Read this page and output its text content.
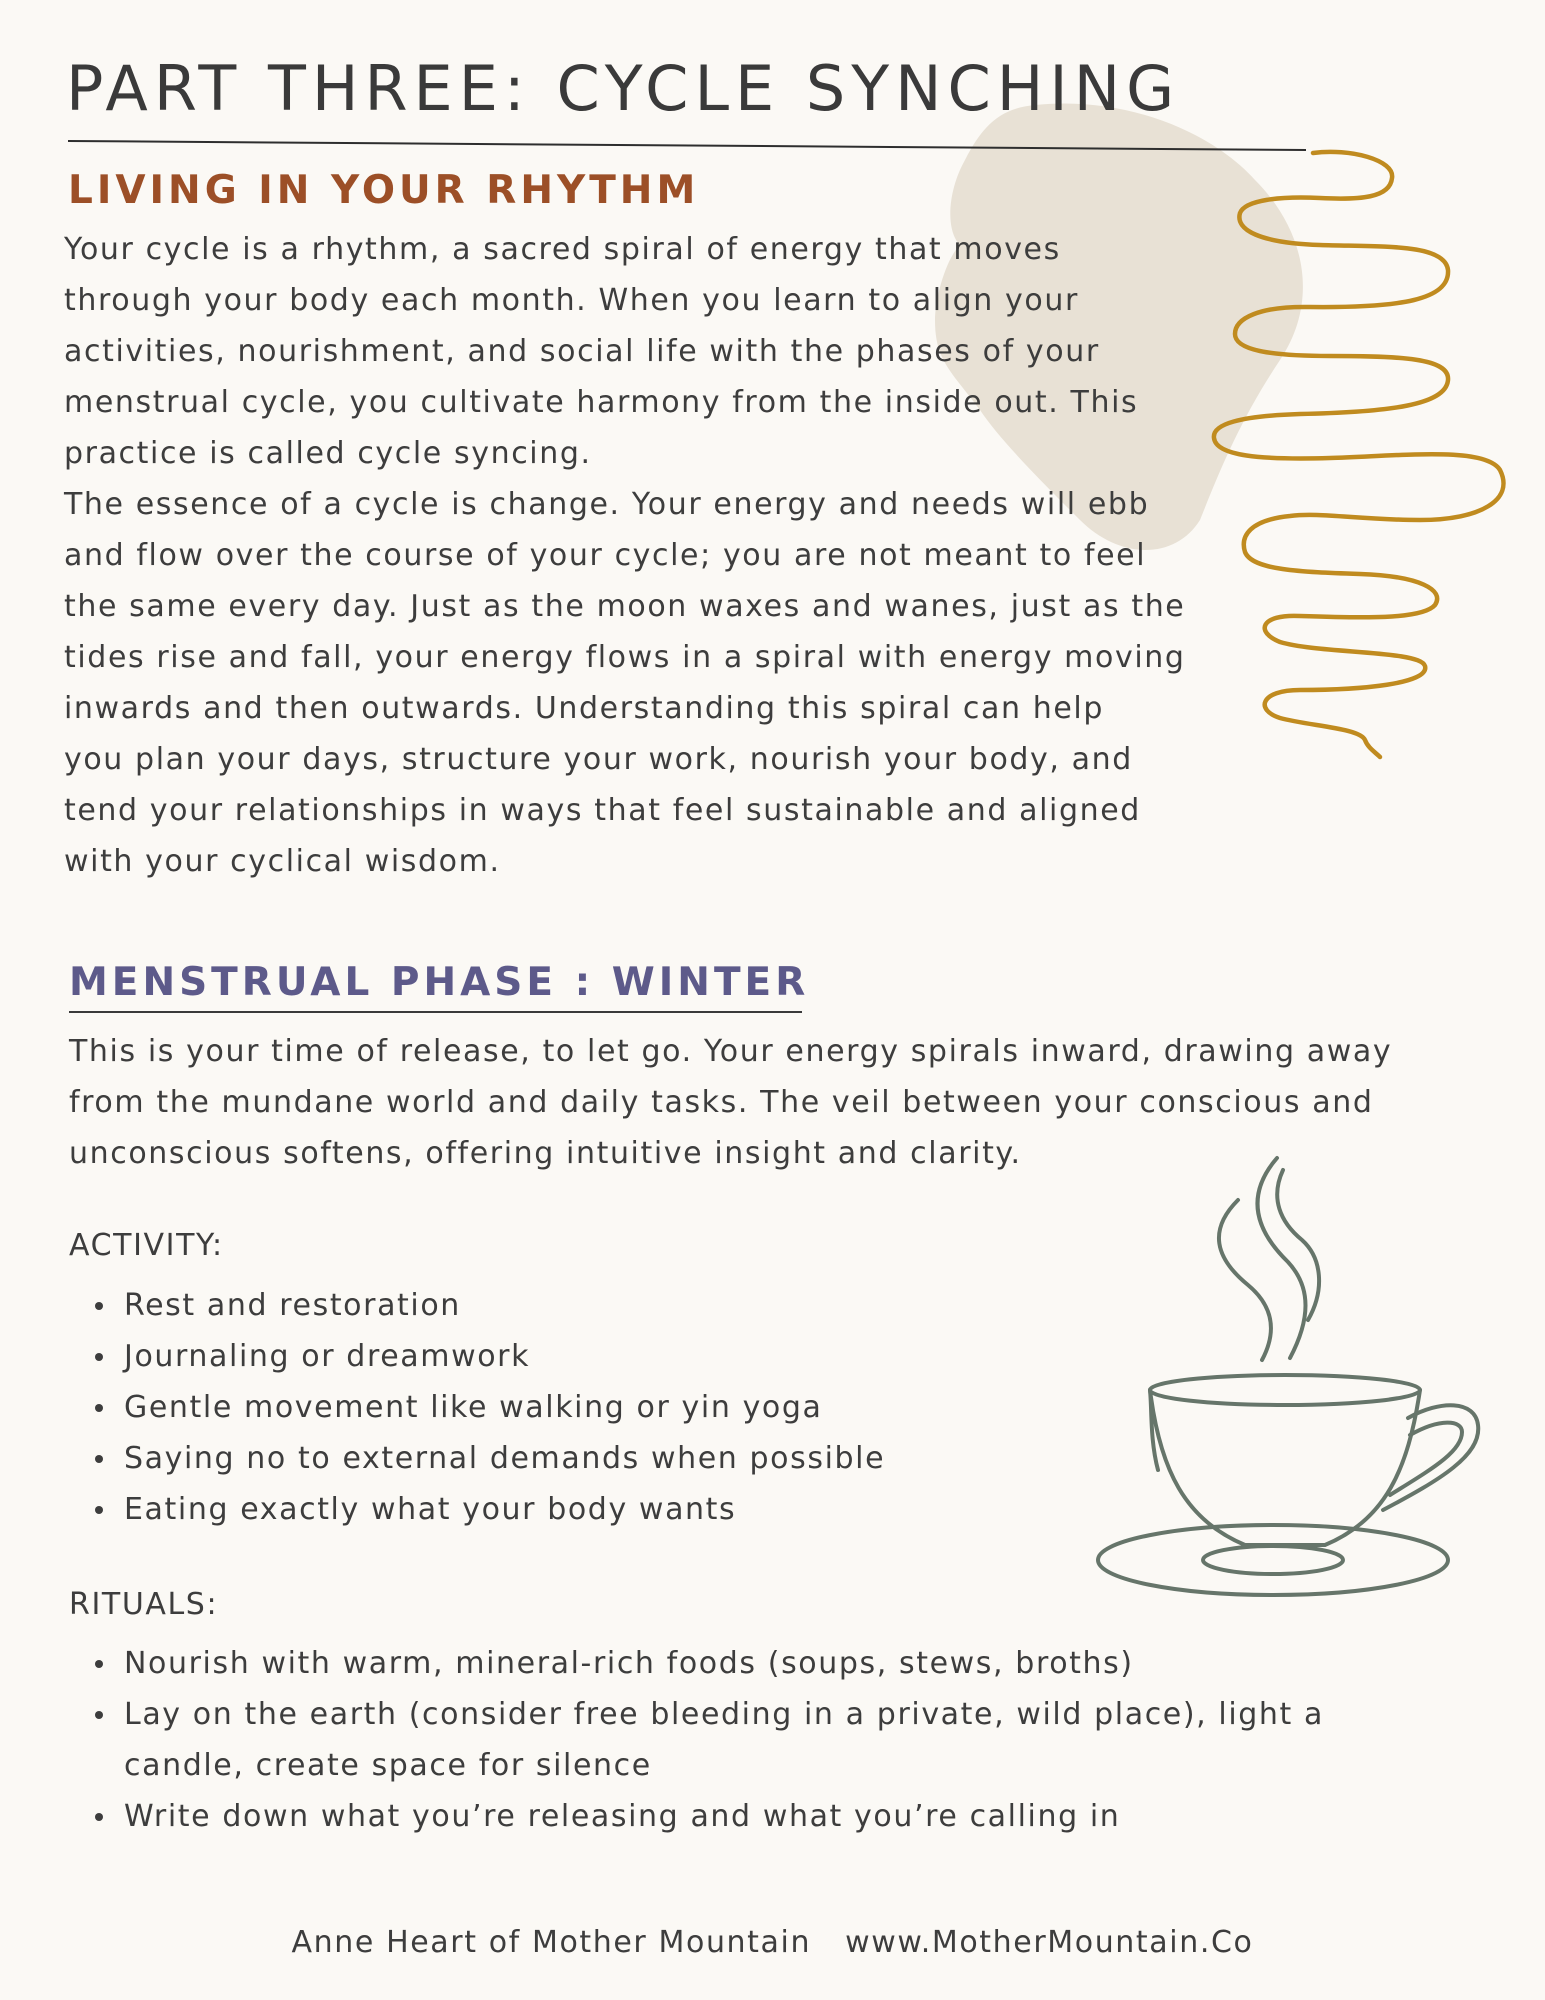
PART THREE: CYCLE SYNCHING
LIVING IN YOUR RHYTHM

Your cycle is a rhythm, a sacred spiral of energy that moves

through your body each month. When you learn to align your

activities, nourishment, and social life with the phases of your

menstrual cycle, you cultivate harmony from the inside out. This

practice is called cycle syncing.

The essence of a cycle is change. Your energy and needs will ebb

and flow over the course of your cycle; you are not meant to feel

the same every day. Just as the moon waxes and wanes, just as the

tides rise and fall, your energy flows in a spiral with energy moving

inwards and then outwards. Understanding this spiral can help

you plan your days, structure your work, nourish your body, and

tend your relationships in ways that feel sustainable and aligned

with your cyclical wisdom.

MENSTRUAL PHASE : WINTER

This is your time of release, to let go. Your energy spirals inward, drawing away

from the mundane world and daily tasks. The veil between your conscious and

unconscious softens, offering intuitive insight and clarity.

ACTIVITY:

Rest and restoration
Journaling or dreamwork
Gentle movement like walking or yin yoga
Saying no to external demands when possible
Eating exactly what your body wants

RITUALS:

Nourish with warm, mineral-rich foods (soups, stews, broths)
Lay on the earth (consider free bleeding in a private, wild place), light a
candle, create space for silence
Write down what you’re releasing and what you’re calling in
Anne Heart of Mother Mountain www.MotherMountain.Co
